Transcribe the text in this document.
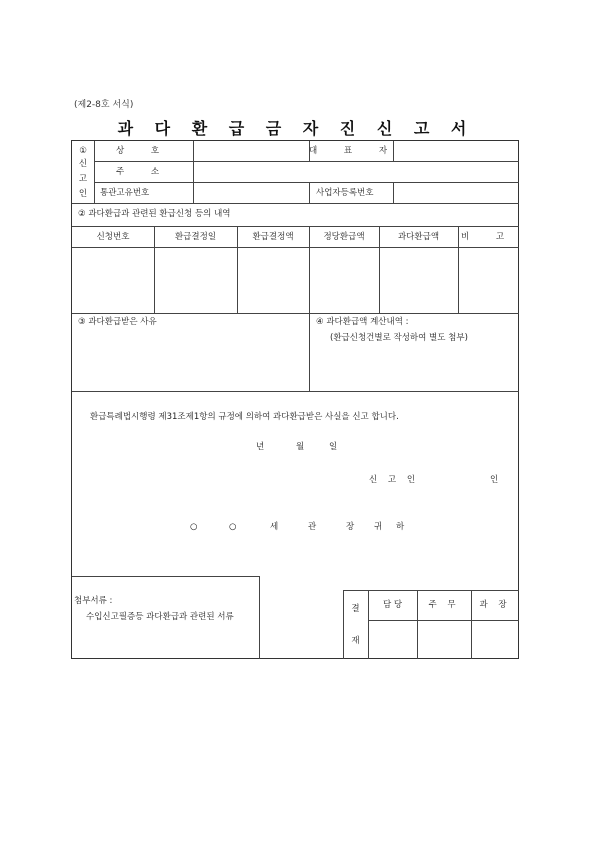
(제2-8호 서식)
과 다 환 급 금 자 진 신 고 서
①
신
고
인
상 호	대 표 자
주 소
통관고유번호	사업자등록번호
② 과다환급과 관련된 환급신청 등의 내역
신청번호	환급결정일	환급결정액	정당환급액	과다환급액	비 고
③ 과다환급받은 사유	④ 과다환급액 계산내역 :
(환급신청건별로 작성하여 별도 첨부)
환급특례법시행령 제31조제1항의 규정에 의하여 과다환급받은 사실을 신고 합니다.
년	월	일
신 고 인	인
○	○	세	관	장 귀 하
첨부서류 :
수입신고필증등 과다환급과 관련된 서류
결
재
담 당	주 무	과 장
